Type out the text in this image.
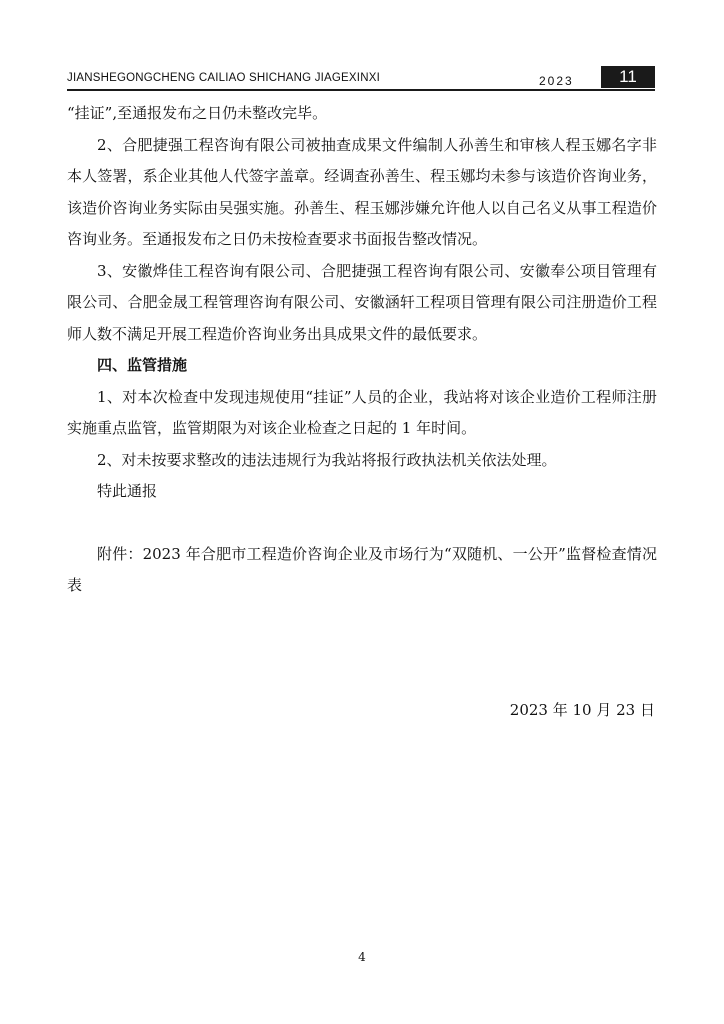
JIANSHEGONGCHENG CAILIAO SHICHANG JIAGEXINXI	2023	11

“挂证”,至通报发布之日仍未整改完毕。

2、合肥捷强工程咨询有限公司被抽查成果文件编制人孙善生和审核人程玉娜名字非本人签署，系企业其他人代签字盖章。经调查孙善生、程玉娜均未参与该造价咨询业务，该造价咨询业务实际由吴强实施。孙善生、程玉娜涉嫌允许他人以自己名义从事工程造价咨询业务。至通报发布之日仍未按检查要求书面报告整改情况。

3、安徽烨佳工程咨询有限公司、合肥捷强工程咨询有限公司、安徽奉公项目管理有限公司、合肥金晟工程管理咨询有限公司、安徽涵轩工程项目管理有限公司注册造价工程师人数不满足开展工程造价咨询业务出具成果文件的最低要求。

四、监管措施

1、对本次检查中发现违规使用“挂证”人员的企业，我站将对该企业造价工程师注册实施重点监管，监管期限为对该企业检查之日起的 1 年时间。

2、对未按要求整改的违法违规行为我站将报行政执法机关依法处理。

特此通报

附件：2023 年合肥市工程造价咨询企业及市场行为“双随机、一公开”监督检查情况表

2023 年 10 月 23 日

4
